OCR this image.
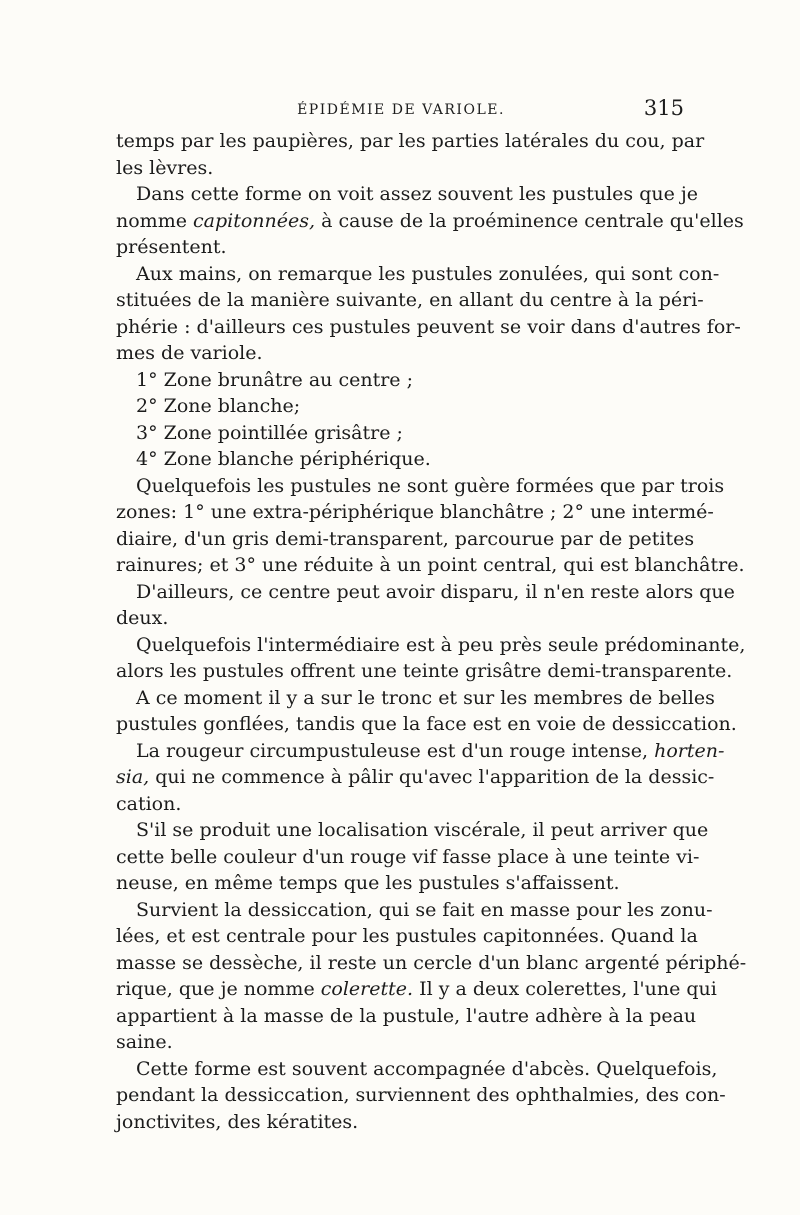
ÉPIDÉMIE DE VARIOLE.	315
temps par les paupières, par les parties latérales du cou, par
les lèvres.
Dans cette forme on voit assez souvent les pustules que je
nomme capitonnées, à cause de la proéminence centrale qu'elles
présentent.
Aux mains, on remarque les pustules zonulées, qui sont con-
stituées de la manière suivante, en allant du centre à la péri-
phérie : d'ailleurs ces pustules peuvent se voir dans d'autres for-
mes de variole.
1° Zone brunâtre au centre ;
2° Zone blanche;
3° Zone pointillée grisâtre ;
4° Zone blanche périphérique.
Quelquefois les pustules ne sont guère formées que par trois
zones: 1° une extra-périphérique blanchâtre ; 2° une intermé-
diaire, d'un gris demi-transparent, parcourue par de petites
rainures; et 3° une réduite à un point central, qui est blanchâtre.
D'ailleurs, ce centre peut avoir disparu, il n'en reste alors que
deux.
Quelquefois l'intermédiaire est à peu près seule prédominante,
alors les pustules offrent une teinte grisâtre demi-transparente.
A ce moment il y a sur le tronc et sur les membres de belles
pustules gonflées, tandis que la face est en voie de dessiccation.
La rougeur circumpustuleuse est d'un rouge intense, horten-
sia, qui ne commence à pâlir qu'avec l'apparition de la dessic-
cation.
S'il se produit une localisation viscérale, il peut arriver que
cette belle couleur d'un rouge vif fasse place à une teinte vi-
neuse, en même temps que les pustules s'affaissent.
Survient la dessiccation, qui se fait en masse pour les zonu-
lées, et est centrale pour les pustules capitonnées. Quand la
masse se dessèche, il reste un cercle d'un blanc argenté périphé-
rique, que je nomme colerette. Il y a deux colerettes, l'une qui
appartient à la masse de la pustule, l'autre adhère à la peau
saine.
Cette forme est souvent accompagnée d'abcès. Quelquefois,
pendant la dessiccation, surviennent des ophthalmies, des con-
jonctivites, des kératites.
